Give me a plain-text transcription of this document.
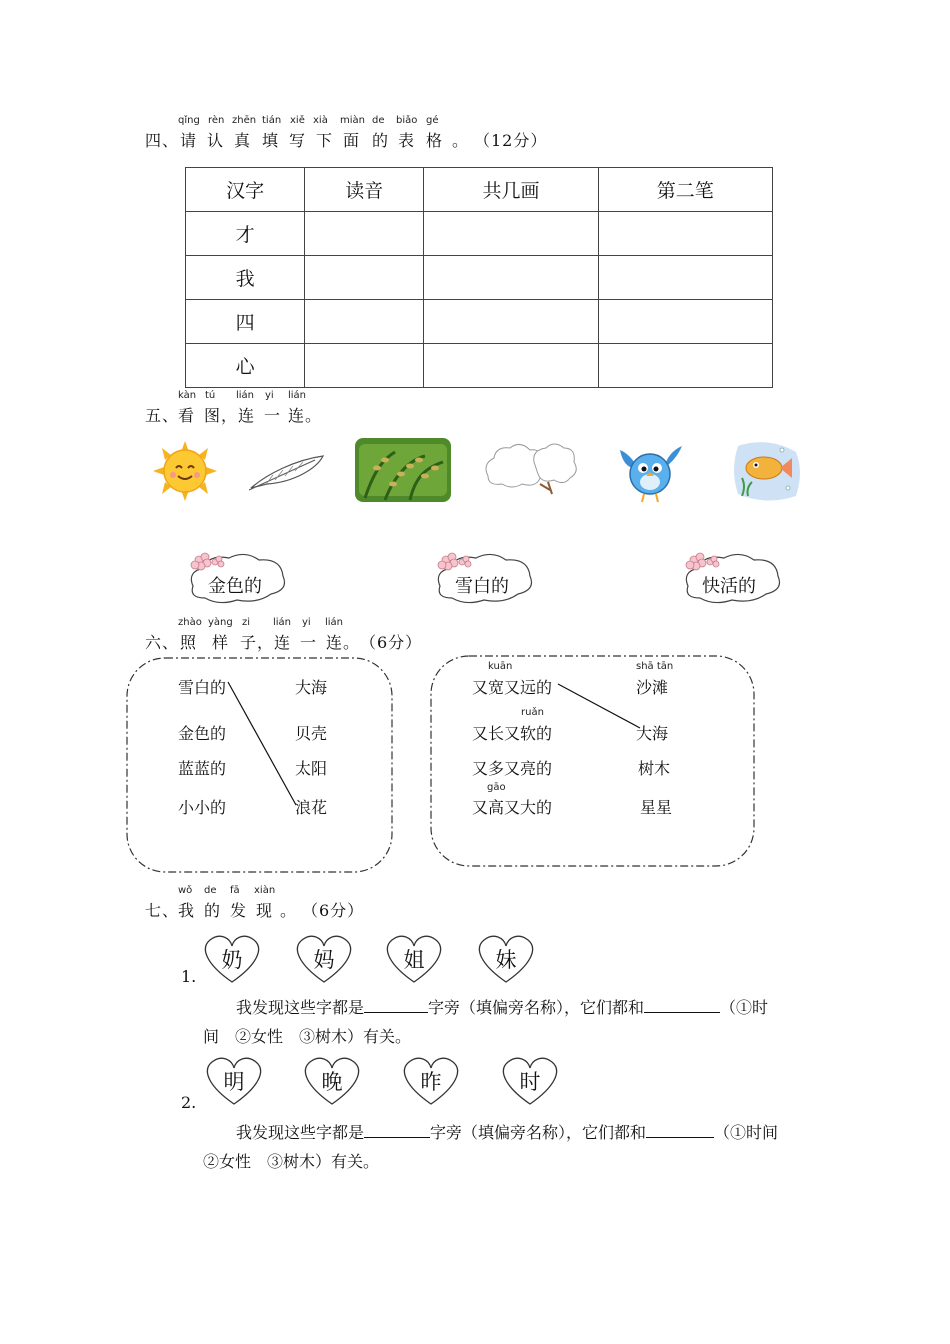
qǐng rèn zhēn tián xiě xià miàn de biǎo gé
四、 请 认 真 填 写 下 面 的 表 格 。 （12分）
汉字	读音	共几画	第二笔
才			
我			
四			
心			
kàn tú lián yi lián
五、
看 图， 连 一 连。
金色的	雪白的	快活的
zhào yàng zi lián yi lián
六、 照 样 子， 连 一 连。 （6分）
雪白的
金色的
蓝蓝的
小小的
大海
贝壳
太阳
浪花
kuān
ruǎn
gāo
shā tān
又宽又远的
又长又软的
又多又亮的
又高又大的
沙滩
大海
树木
星星
wǒ de fā xiàn
七、
我 的 发 现 。 （6分）
1.
奶	妈	姐	妹
我发现这些字都是	字旁（填偏旁名称），它们都和	（①时
间　②女性　③树木）有关。
2.
明	晚	昨	时
我发现这些字都是	字旁（填偏旁名称），它们都和	（①时间
②女性　③树木）有关。
